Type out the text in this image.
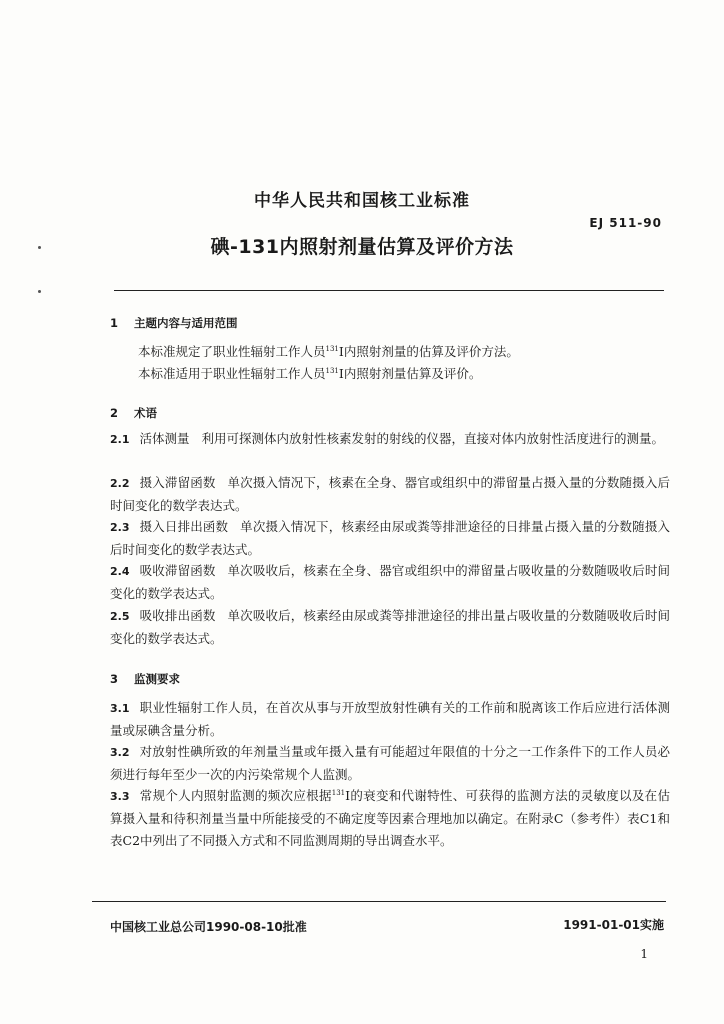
中华人民共和国核工业标准

EJ 511-90

碘-131内照射剂量估算及评价方法

1 主题内容与适用范围

本标准规定了职业性辐射工作人员$^{131}$I内照射剂量的估算及评价方法。

本标准适用于职业性辐射工作人员$^{131}$I内照射剂量估算及评价。

2 术语

2.1 活体测量 利用可探测体内放射性核素发射的射线的仪器，直接对体内放射性活度进行的测量。

2.2 摄入滞留函数 单次摄入情况下，核素在全身、器官或组织中的滞留量占摄入量的分数随摄入后时间变化的数学表达式。

2.3 摄入日排出函数 单次摄入情况下，核素经由尿或粪等排泄途径的日排量占摄入量的分数随摄入后时间变化的数学表达式。

2.4 吸收滞留函数 单次吸收后，核素在全身、器官或组织中的滞留量占吸收量的分数随吸收后时间变化的数学表达式。

2.5 吸收排出函数 单次吸收后，核素经由尿或粪等排泄途径的排出量占吸收量的分数随吸收后时间变化的数学表达式。

3 监测要求

3.1 职业性辐射工作人员，在首次从事与开放型放射性碘有关的工作前和脱离该工作后应进行活体测量或尿碘含量分析。

3.2 对放射性碘所致的年剂量当量或年摄入量有可能超过年限值的十分之一工作条件下的工作人员必须进行每年至少一次的内污染常规个人监测。

3.3 常规个人内照射监测的频次应根据$^{131}$I的衰变和代谢特性、可获得的监测方法的灵敏度以及在估算摄入量和待积剂量当量中所能接受的不确定度等因素合理地加以确定。在附录C（参考件）表C1和表C2中列出了不同摄入方式和不同监测周期的导出调查水平。

中国核工业总公司1990-08-10批准	1991-01-01实施

1
